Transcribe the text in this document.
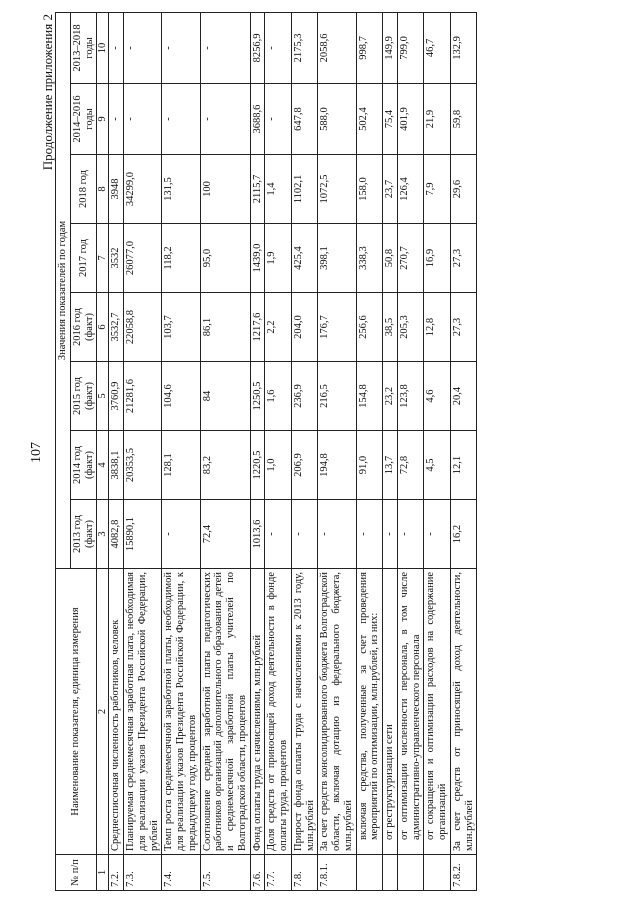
107
Продолжение приложения 2
№ п/п	Наименование показателя, единица измерения	Значения показателей по годам							
		2013 год (факт)	2014 год (факт)	2015 год (факт)	2016 год (факт)	2017 год	2018 год	2014–2016 годы	2013–2018 годы
1	2	3	4	5	6	7	8	9	10
7.2.	Среднесписочная численность работников, человек	4082,8	3838,1	3760,9	3532,7	3532	3948	-	-
7.3.	Планируемая среднемесячная заработная плата, необходимая для реализации указов Президента Российской Федерации, рублей	15890,1	20353,5	21281,6	22058,8	26077,0	34299,0	-	-
7.4.	Темп роста среднемесячной заработной платы, необходимой для реализации указов Президента Российской Федерации, к предыдущему году, процентов	-	128,1	104,6	103,7	118,2	131,5	-	-
7.5.	Соотношение средней заработной платы педагогических работников организаций дополнительного образования детей и среднемесячной заработной платы учителей по Волгоградской области, процентов	72,4	83,2	84	86,1	95,0	100	-	-
7.6.	Фонд оплаты труда с начислениями, млн.рублей	1013,6	1220,5	1250,5	1217,6	1439,0	2115,7	3688,6	8256,9
7.7.	Доля средств от приносящей доход деятельности в фонде оплаты труда, процентов	-	1,0	1,6	2,2	1,9	1,4	-	-
7.8.	Прирост фонда оплаты труда с начислениями к 2013 году, млн.рублей	-	206,9	236,9	204,0	425,4	1102,1	647,8	2175,3
7.8.1.	За счет средств консолидированного бюджета Волгоградской области, включая дотацию из федерального бюджета, млн.рублей	-	194,8	216,5	176,7	398,1	1072,5	588,0	2058,6
	включая средства, полученные за счет проведения мероприятий по оптимизации, млн.рублей, из них:	-	91,0	154,8	256,6	338,3	158,0	502,4	998,7
	от реструктуризации сети	-	13,7	23,2	38,5	50,8	23,7	75,4	149,9
	от оптимизации численности персонала, в том числе административно-управленческого персонала	-	72,8	123,8	205,3	270,7	126,4	401,9	799,0
	от сокращения и оптимизации расходов на содержание организаций	-	4,5	4,6	12,8	16,9	7,9	21,9	46,7
7.8.2.	За счет средств от приносящей доход деятельности, млн.рублей	16,2	12,1	20,4	27,3	27,3	29,6	59,8	132,9
